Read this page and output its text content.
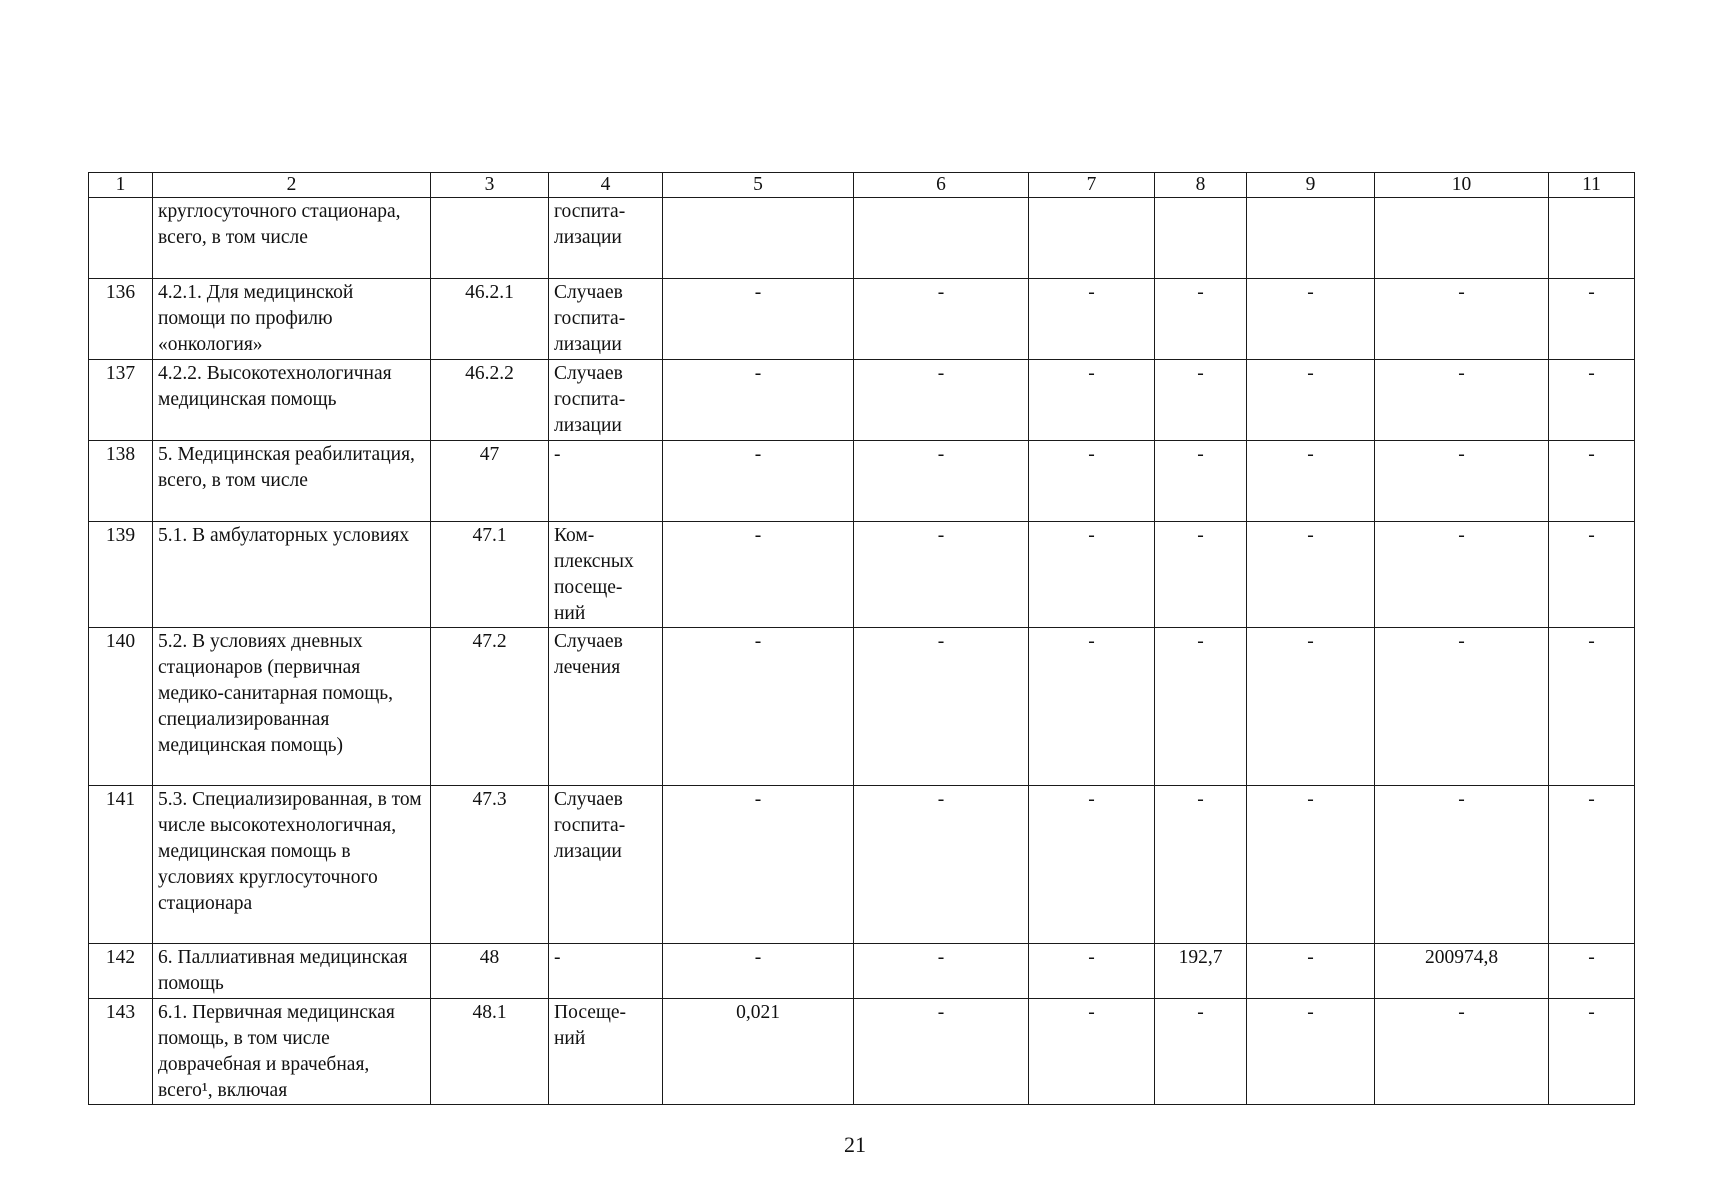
1	2	3	4	5	6	7	8	9	10	11
	круглосуточного стационара, всего, в том числе		госпита-
лизации							
136	4.2.1. Для медицинской помощи по профилю «онкология»	46.2.1	Случаев
госпита-
лизации	-	-	-	-	-	-	-
137	4.2.2. Высокотехнологичная медицинская помощь	46.2.2	Случаев
госпита-
лизации	-	-	-	-	-	-	-
138	5. Медицинская реабилитация, всего, в том числе	47	-	-	-	-	-	-	-	-
139	5.1. В амбулаторных условиях	47.1	Ком-
плексных
посеще-
ний	-	-	-	-	-	-	-
140	5.2. В условиях дневных стационаров (первичная медико-санитарная помощь, специализированная медицинская помощь)	47.2	Случаев
лечения	-	-	-	-	-	-	-
141	5.3. Специализированная, в том числе высокотехнологичная, медицинская помощь в условиях круглосуточного стационара	47.3	Случаев
госпита-
лизации	-	-	-	-	-	-	-
142	6. Паллиативная медицинская помощь	48	-	-	-	-	192,7	-	200974,8	-
143	6.1. Первичная медицинская помощь, в том числе доврачебная и врачебная, всего¹, включая	48.1	Посеще-
ний	0,021	-	-	-	-	-	-
21
